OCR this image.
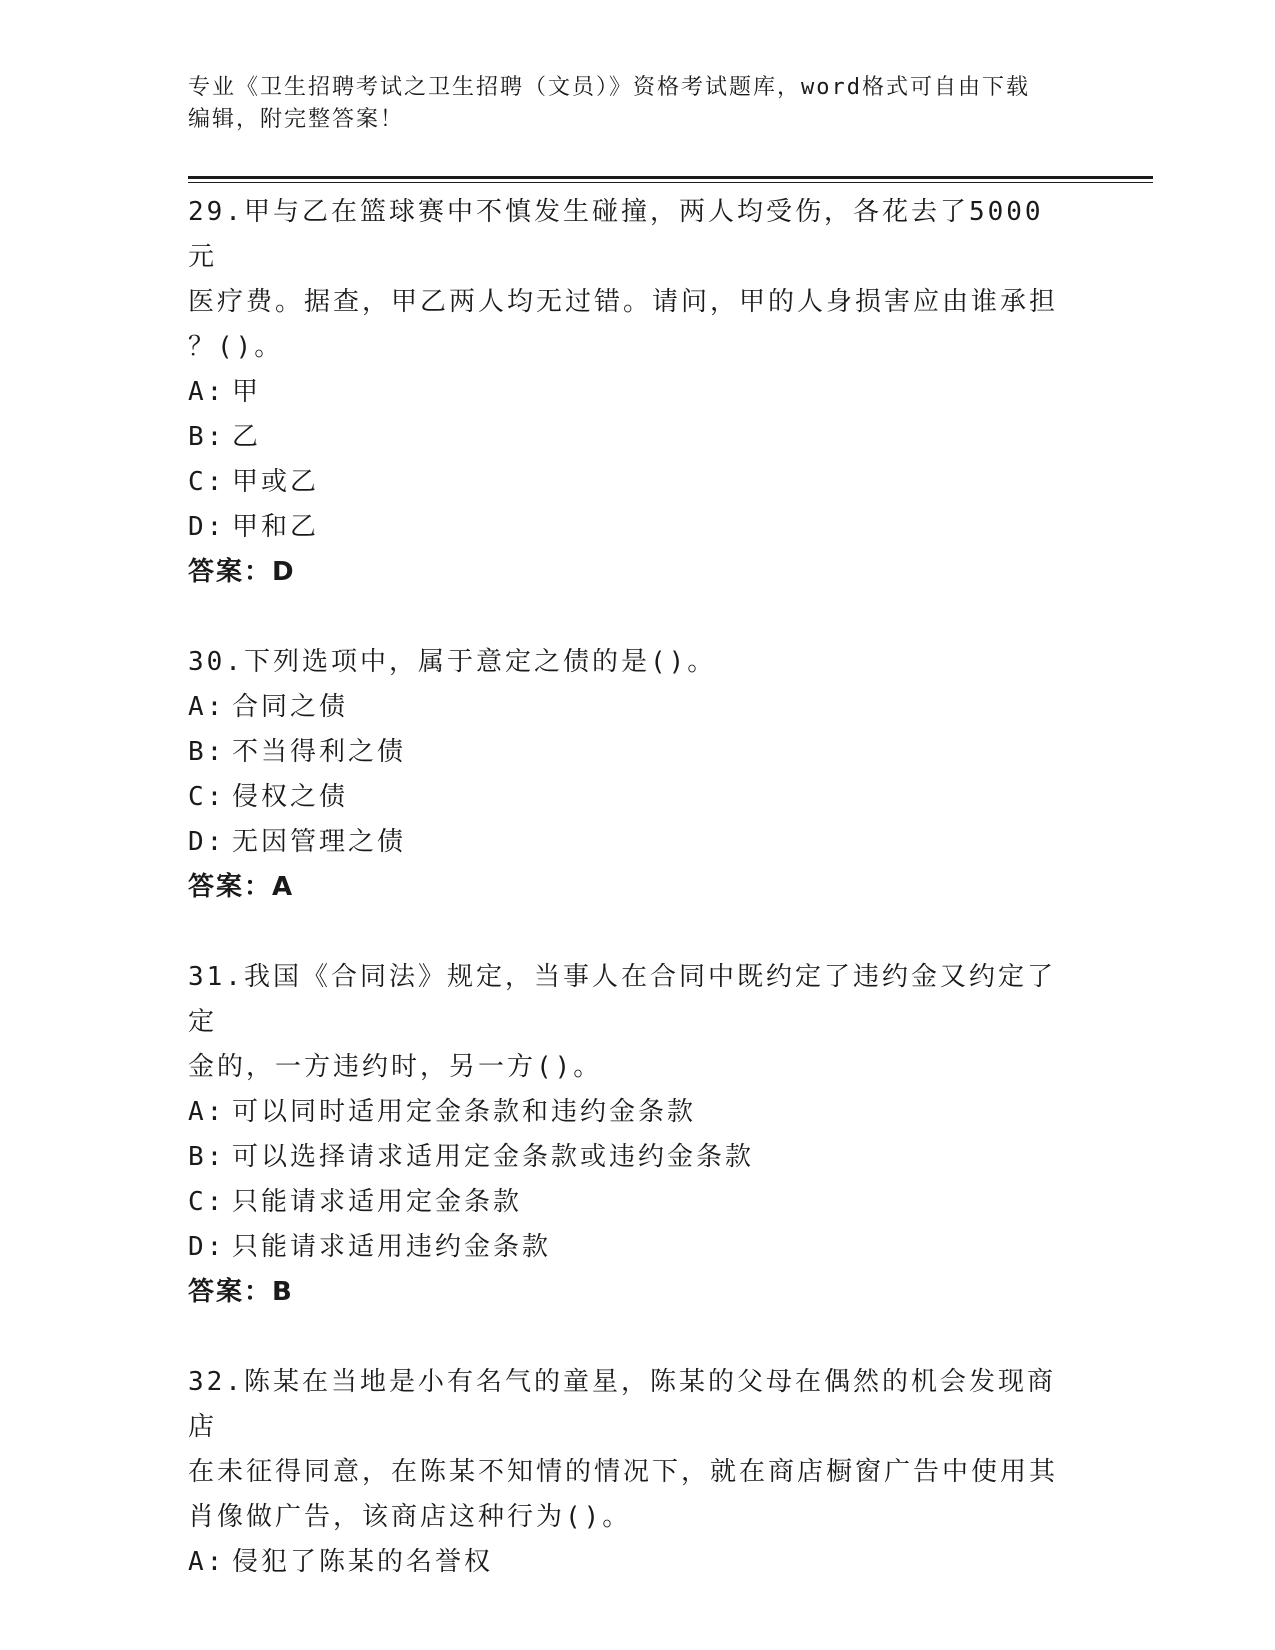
专业《卫生招聘考试之卫生招聘（文员）》资格考试题库，word格式可自由下载
编辑，附完整答案！
29.甲与乙在篮球赛中不慎发生碰撞，两人均受伤，各花去了5000元
医疗费。据查，甲乙两人均无过错。请问，甲的人身损害应由谁承担
？()。
A: 甲
B: 乙
C: 甲或乙
D: 甲和乙
答案：D
30.下列选项中，属于意定之债的是()。
A: 合同之债
B: 不当得利之债
C: 侵权之债
D: 无因管理之债
答案：A
31.我国《合同法》规定，当事人在合同中既约定了违约金又约定了定
金的，一方违约时，另一方()。
A: 可以同时适用定金条款和违约金条款
B: 可以选择请求适用定金条款或违约金条款
C: 只能请求适用定金条款
D: 只能请求适用违约金条款
答案：B
32.陈某在当地是小有名气的童星，陈某的父母在偶然的机会发现商店
在未征得同意，在陈某不知情的情况下，就在商店橱窗广告中使用其
肖像做广告，该商店这种行为()。
A: 侵犯了陈某的名誉权
